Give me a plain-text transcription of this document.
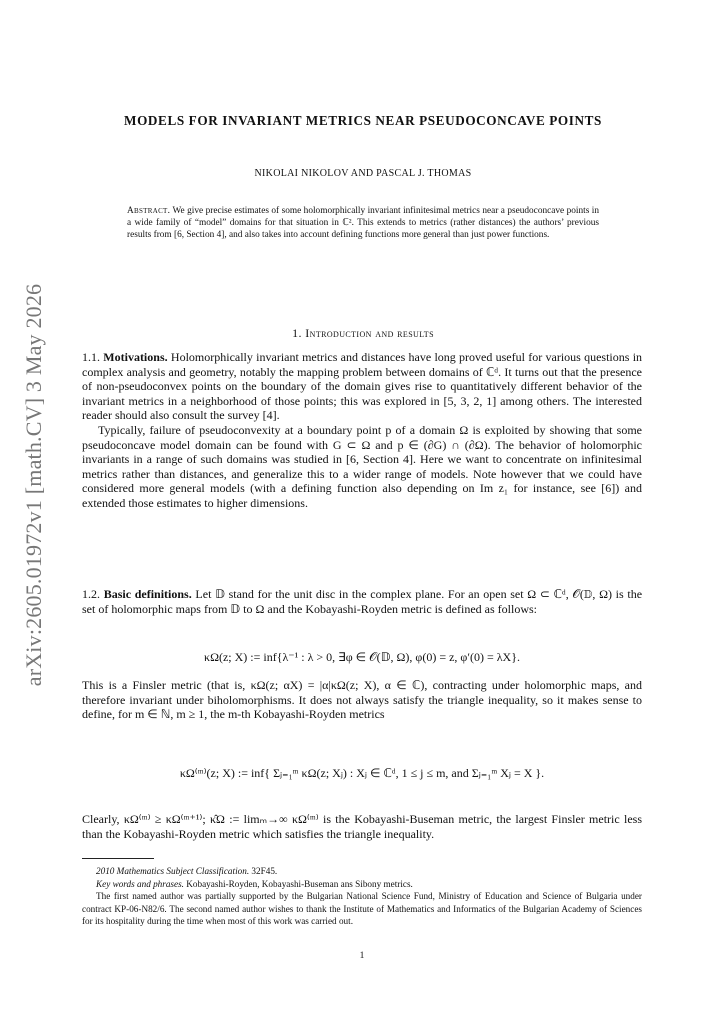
arXiv:2605.01972v1 [math.CV] 3 May 2026
MODELS FOR INVARIANT METRICS NEAR PSEUDOCONCAVE POINTS
NIKOLAI NIKOLOV AND PASCAL J. THOMAS
Abstract. We give precise estimates of some holomorphically invariant infinitesimal metrics near a pseudoconcave points in a wide family of “model” domains for that situation in ℂ². This extends to metrics (rather distances) the authors’ previous results from [6, Section 4], and also takes into account defining functions more general than just power functions.
1. Introduction and results

1.1. Motivations. Holomorphically invariant metrics and distances have long proved useful for various questions in complex analysis and geometry, notably the mapping problem between domains of ℂᵈ. It turns out that the presence of non-pseudoconvex points on the boundary of the domain gives rise to quantitatively different behavior of the invariant metrics in a neighborhood of those points; this was explored in [5, 3, 2, 1] among others. The interested reader should also consult the survey [4].

Typically, failure of pseudoconvexity at a boundary point p of a domain Ω is exploited by showing that some pseudoconcave model domain can be found with G ⊂ Ω and p ∈ (∂G) ∩ (∂Ω). The behavior of holomorphic invariants in a range of such domains was studied in [6, Section 4]. Here we want to concentrate on infinitesimal metrics rather than distances, and generalize this to a wider range of models. Note however that we could have considered more general models (with a defining function also depending on Im z₁ for instance, see [6]) and extended those estimates to higher dimensions.

1.2. Basic definitions. Let 𝔻 stand for the unit disc in the complex plane. For an open set Ω ⊂ ℂᵈ, 𝒪(𝔻, Ω) is the set of holomorphic maps from 𝔻 to Ω and the Kobayashi-Royden metric is defined as follows:

κΩ(z; X) := inf{λ⁻¹ : λ > 0, ∃φ ∈ 𝒪(𝔻, Ω), φ(0) = z, φ′(0) = λX}.

This is a Finsler metric (that is, κΩ(z; αX) = |α|κΩ(z; X), α ∈ ℂ), contracting under holomorphic maps, and therefore invariant under biholomorphisms. It does not always satisfy the triangle inequality, so it makes sense to define, for m ∈ ℕ, m ≥ 1, the m-th Kobayashi-Royden metrics

κΩ⁽ᵐ⁾(z; X) := inf{ Σⱼ₌₁ᵐ κΩ(z; Xⱼ) : Xⱼ ∈ ℂᵈ, 1 ≤ j ≤ m, and Σⱼ₌₁ᵐ Xⱼ = X }.

Clearly, κΩ⁽ᵐ⁾ ≥ κΩ⁽ᵐ⁺¹⁾; κ̂Ω := limₘ→∞ κΩ⁽ᵐ⁾ is the Kobayashi-Buseman metric, the largest Finsler metric less than the Kobayashi-Royden metric which satisfies the triangle inequality.

2010 Mathematics Subject Classification. 32F45.

Key words and phrases. Kobayashi-Royden, Kobayashi-Buseman ans Sibony metrics.

The first named author was partially supported by the Bulgarian National Science Fund, Ministry of Education and Science of Bulgaria under contract KP-06-N82/6. The second named author wishes to thank the Institute of Mathematics and Informatics of the Bulgarian Academy of Sciences for its hospitality during the time when most of this work was carried out.

1
